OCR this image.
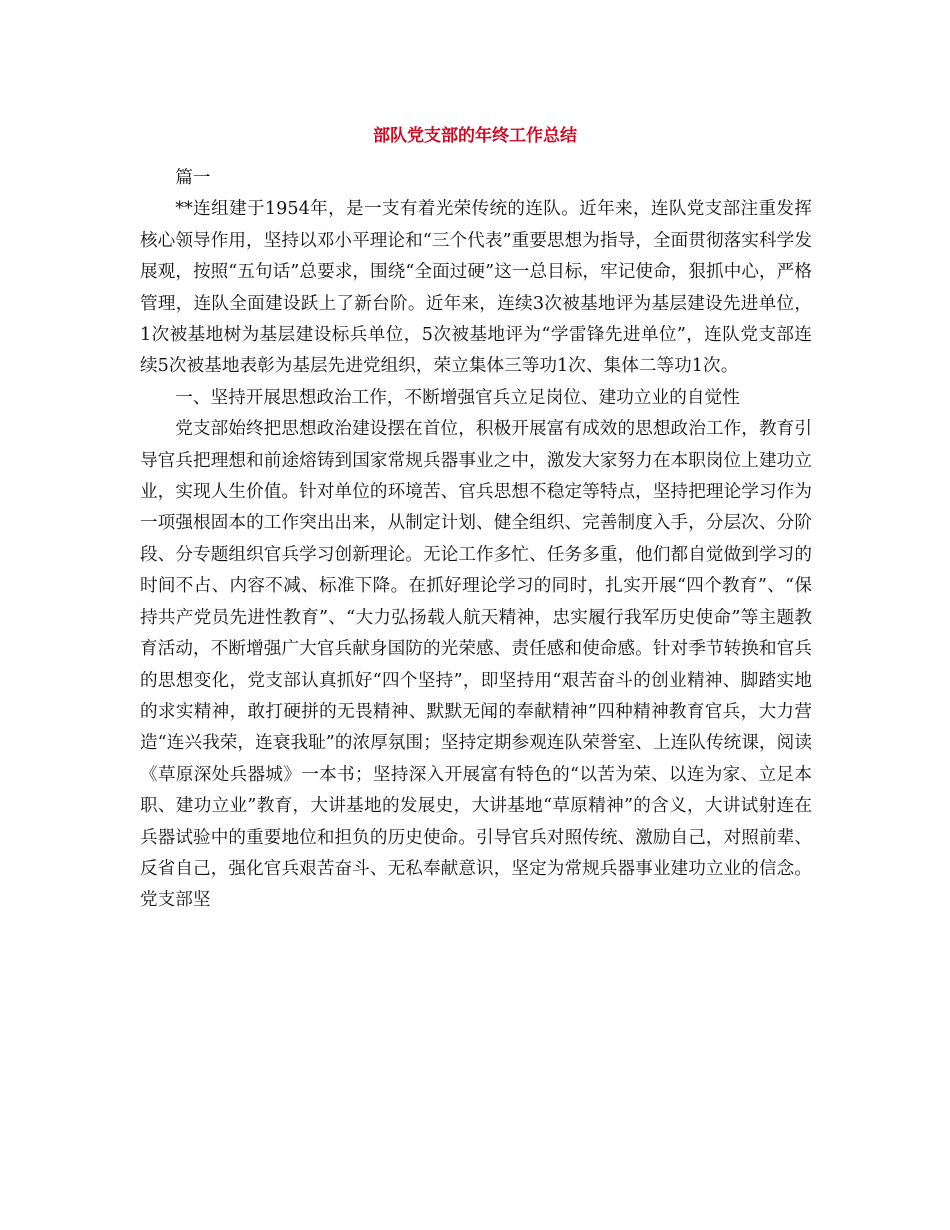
部队党支部的年终工作总结

篇一

**连组建于1954年，是一支有着光荣传统的连队。近年来，连队党支部注重发挥核心领导作用，坚持以邓小平理论和“三个代表”重要思想为指导，全面贯彻落实科学发展观，按照“五句话”总要求，围绕“全面过硬”这一总目标，牢记使命，狠抓中心，严格管理，连队全面建设跃上了新台阶。近年来，连续3次被基地评为基层建设先进单位，1次被基地树为基层建设标兵单位，5次被基地评为“学雷锋先进单位”，连队党支部连续5次被基地表彰为基层先进党组织，荣立集体三等功1次、集体二等功1次。

一、坚持开展思想政治工作，不断增强官兵立足岗位、建功立业的自觉性

党支部始终把思想政治建设摆在首位，积极开展富有成效的思想政治工作，教育引导官兵把理想和前途熔铸到国家常规兵器事业之中，激发大家努力在本职岗位上建功立业，实现人生价值。针对单位的环境苦、官兵思想不稳定等特点，坚持把理论学习作为一项强根固本的工作突出出来，从制定计划、健全组织、完善制度入手，分层次、分阶段、分专题组织官兵学习创新理论。无论工作多忙、任务多重，他们都自觉做到学习的时间不占、内容不减、标准下降。在抓好理论学习的同时，扎实开展“四个教育”、“保持共产党员先进性教育”、“大力弘扬载人航天精神，忠实履行我军历史使命”等主题教育活动，不断增强广大官兵献身国防的光荣感、责任感和使命感。针对季节转换和官兵的思想变化，党支部认真抓好“四个坚持”，即坚持用“艰苦奋斗的创业精神、脚踏实地的求实精神，敢打硬拼的无畏精神、默默无闻的奉献精神”四种精神教育官兵，大力营造“连兴我荣，连衰我耻”的浓厚氛围；坚持定期参观连队荣誉室、上连队传统课，阅读《草原深处兵器城》一本书；坚持深入开展富有特色的“以苦为荣、以连为家、立足本职、建功立业”教育，大讲基地的发展史，大讲基地“草原精神”的含义，大讲试射连在兵器试验中的重要地位和担负的历史使命。引导官兵对照传统、激励自己，对照前辈、反省自己，强化官兵艰苦奋斗、无私奉献意识，坚定为常规兵器事业建功立业的信念。党支部坚
